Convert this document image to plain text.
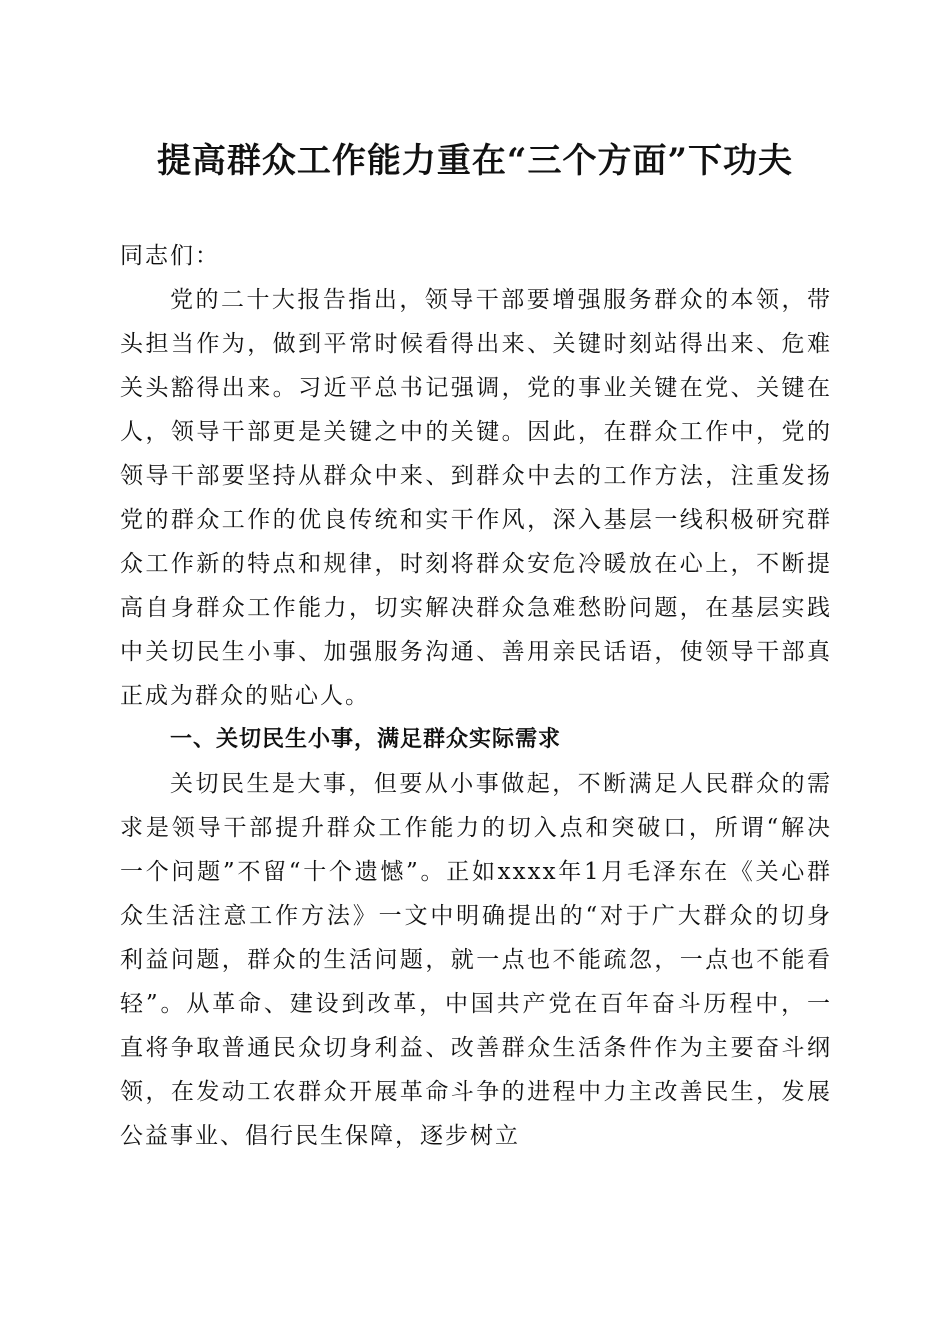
提高群众工作能力重在“三个方面”下功夫

同志们：

党的二十大报告指出，领导干部要增强服务群众的本领，带头担当作为，做到平常时候看得出来、关键时刻站得出来、危难关头豁得出来。习近平总书记强调，党的事业关键在党、关键在人，领导干部更是关键之中的关键。因此，在群众工作中，党的领导干部要坚持从群众中来、到群众中去的工作方法，注重发扬党的群众工作的优良传统和实干作风，深入基层一线积极研究群众工作新的特点和规律，时刻将群众安危冷暖放在心上，不断提高自身群众工作能力，切实解决群众急难愁盼问题，在基层实践中关切民生小事、加强服务沟通、善用亲民话语，使领导干部真正成为群众的贴心人。

一、关切民生小事，满足群众实际需求

关切民生是大事，但要从小事做起，不断满足人民群众的需求是领导干部提升群众工作能力的切入点和突破口，所谓“解决一个问题”不留“十个遗憾”。正如xxxx年1月毛泽东在《关心群众生活注意工作方法》一文中明确提出的“对于广大群众的切身利益问题，群众的生活问题，就一点也不能疏忽，一点也不能看轻”。从革命、建设到改革，中国共产党在百年奋斗历程中，一直将争取普通民众切身利益、改善群众生活条件作为主要奋斗纲领，在发动工农群众开展革命斗争的进程中力主改善民生，发展公益事业、倡行民生保障，逐步树立
